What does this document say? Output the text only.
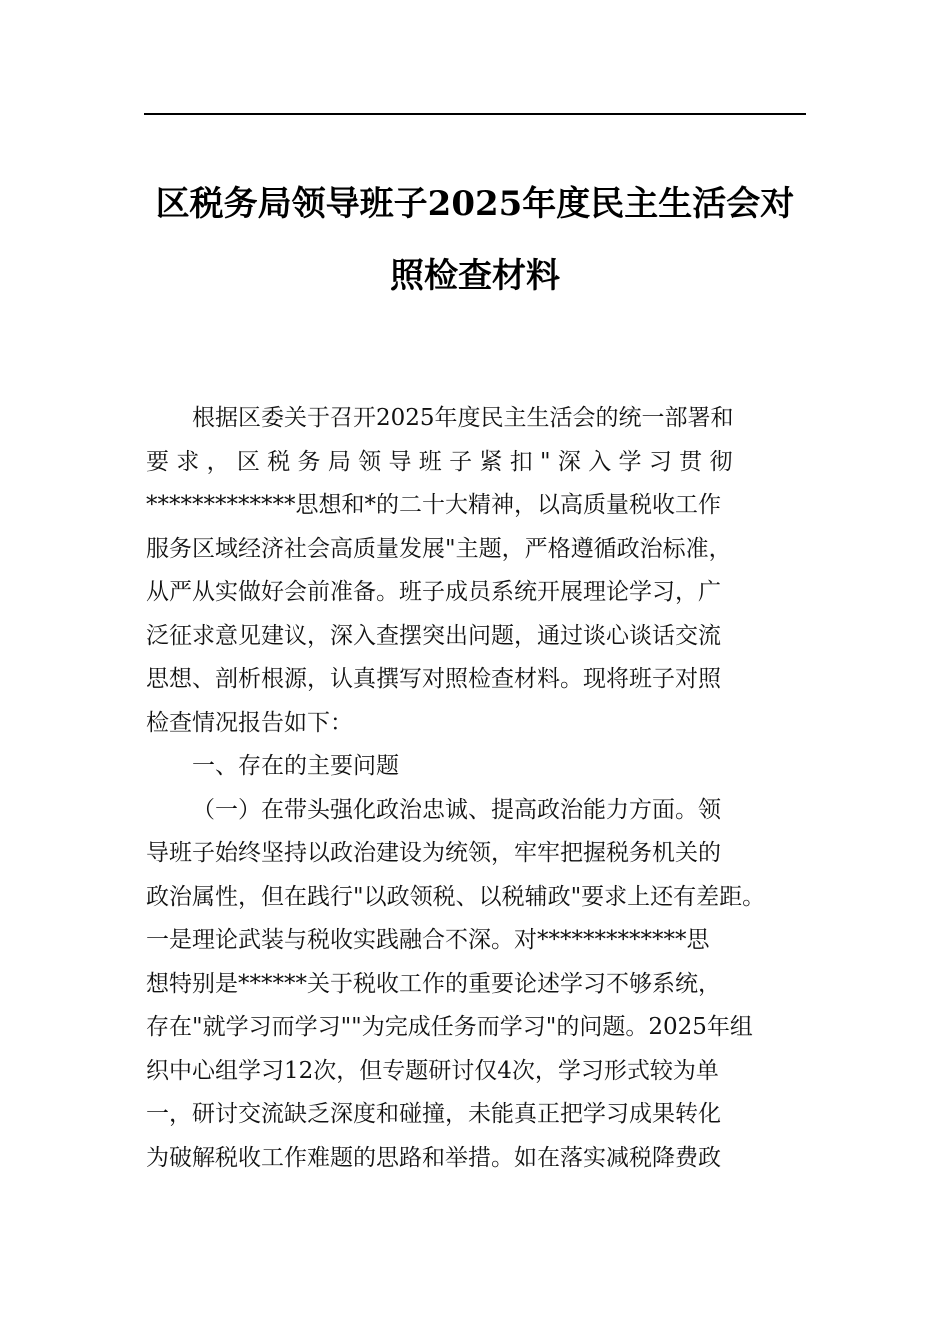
区税务局领导班子2025年度民主生活会对
照检查材料
根据区委关于召开2025年度民主生活会的统一部署和
要 求 ， 区 税 务 局 领 导 班 子 紧 扣 " 深 入 学 习 贯 彻
*************思想和*的二十大精神，以高质量税收工作
服务区域经济社会高质量发展"主题，严格遵循政治标准，
从严从实做好会前准备。班子成员系统开展理论学习，广
泛征求意见建议，深入查摆突出问题，通过谈心谈话交流
思想、剖析根源，认真撰写对照检查材料。现将班子对照
检查情况报告如下：
一、存在的主要问题
（一）在带头强化政治忠诚、提高政治能力方面。领
导班子始终坚持以政治建设为统领，牢牢把握税务机关的
政治属性，但在践行"以政领税、以税辅政"要求上还有差距。
一是理论武装与税收实践融合不深。对*************思
想特别是******关于税收工作的重要论述学习不够系统，
存在"就学习而学习""为完成任务而学习"的问题。2025年组
织中心组学习12次，但专题研讨仅4次，学习形式较为单
一，研讨交流缺乏深度和碰撞，未能真正把学习成果转化
为破解税收工作难题的思路和举措。如在落实减税降费政
